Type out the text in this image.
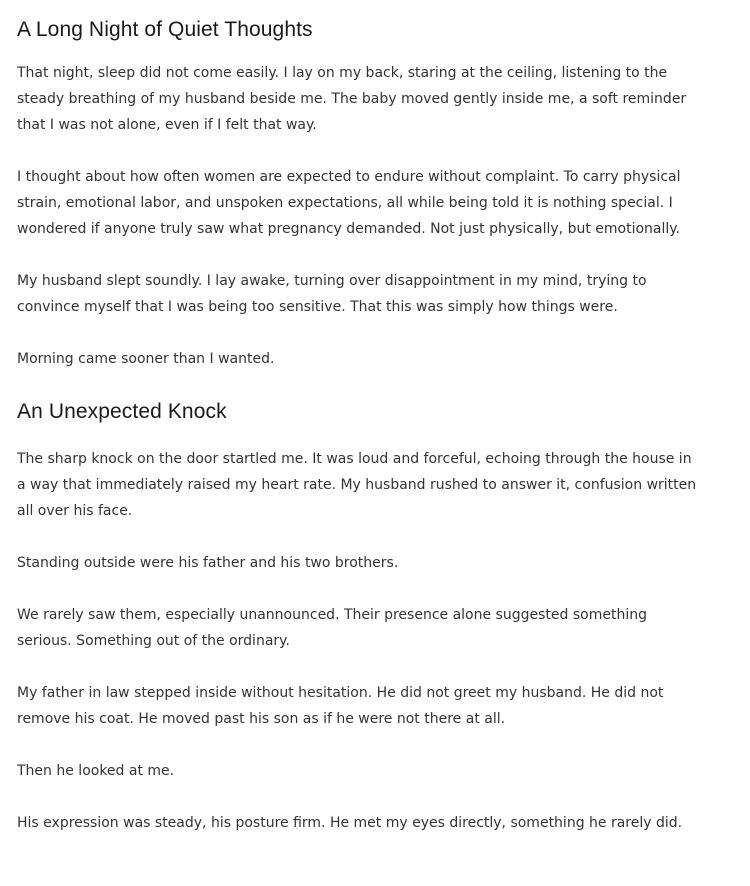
A Long Night of Quiet Thoughts

That night, sleep did not come easily. I lay on my back, staring at the ceiling, listening to the steady breathing of my husband beside me. The baby moved gently inside me, a soft reminder that I was not alone, even if I felt that way.

I thought about how often women are expected to endure without complaint. To carry physical strain, emotional labor, and unspoken expectations, all while being told it is nothing special. I wondered if anyone truly saw what pregnancy demanded. Not just physically, but emotionally.

My husband slept soundly. I lay awake, turning over disappointment in my mind, trying to convince myself that I was being too sensitive. That this was simply how things were.

Morning came sooner than I wanted.

An Unexpected Knock

The sharp knock on the door startled me. It was loud and forceful, echoing through the house in a way that immediately raised my heart rate. My husband rushed to answer it, confusion written all over his face.

Standing outside were his father and his two brothers.

We rarely saw them, especially unannounced. Their presence alone suggested something serious. Something out of the ordinary.

My father in law stepped inside without hesitation. He did not greet my husband. He did not remove his coat. He moved past his son as if he were not there at all.

Then he looked at me.

His expression was steady, his posture firm. He met my eyes directly, something he rarely did.
